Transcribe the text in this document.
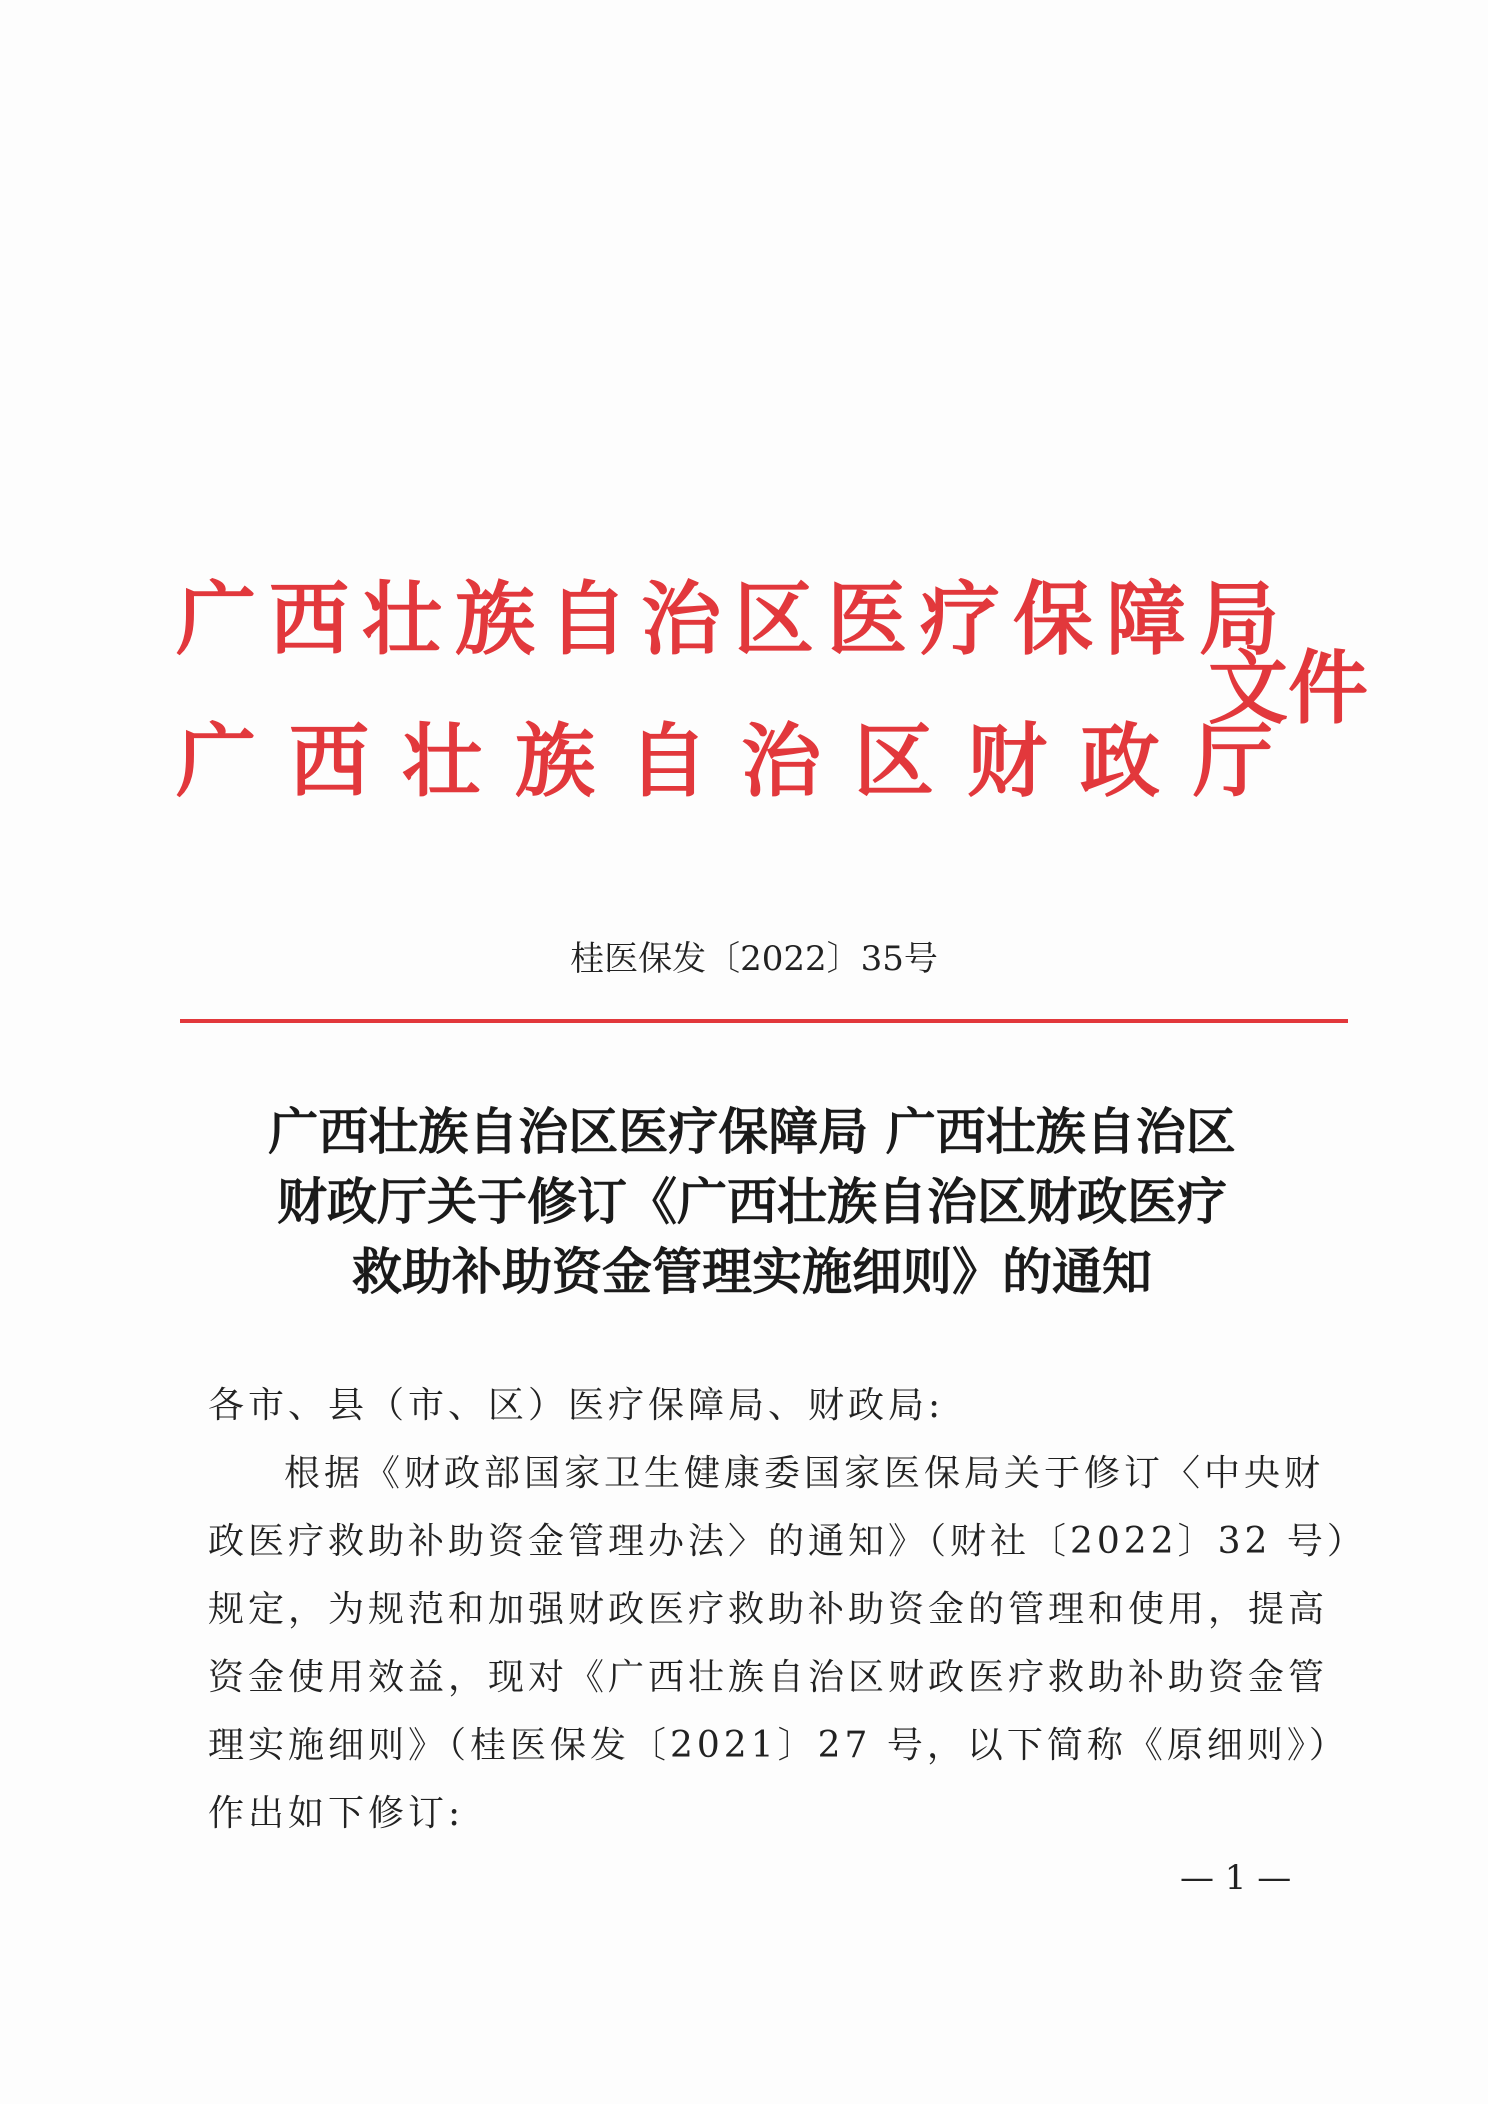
广西壮族自治区医疗保障局
广西壮族自治区财政厅
文件
桂医保发〔2022〕35号
广西壮族自治区医疗保障局 广西壮族自治区
财政厅关于修订《广西壮族自治区财政医疗
救助补助资金管理实施细则》的通知

各市、县（市、区）医疗保障局、财政局:

根据《财政部国家卫生健康委国家医保局关于修订〈中央财

政医疗救助补助资金管理办法〉的通知》（财社〔2022〕32 号）

规定，为规范和加强财政医疗救助补助资金的管理和使用，提高

资金使用效益，现对《广西壮族自治区财政医疗救助补助资金管

理实施细则》（桂医保发〔2021〕27 号，以下简称《原细则》）

作出如下修订:

— 1 —
